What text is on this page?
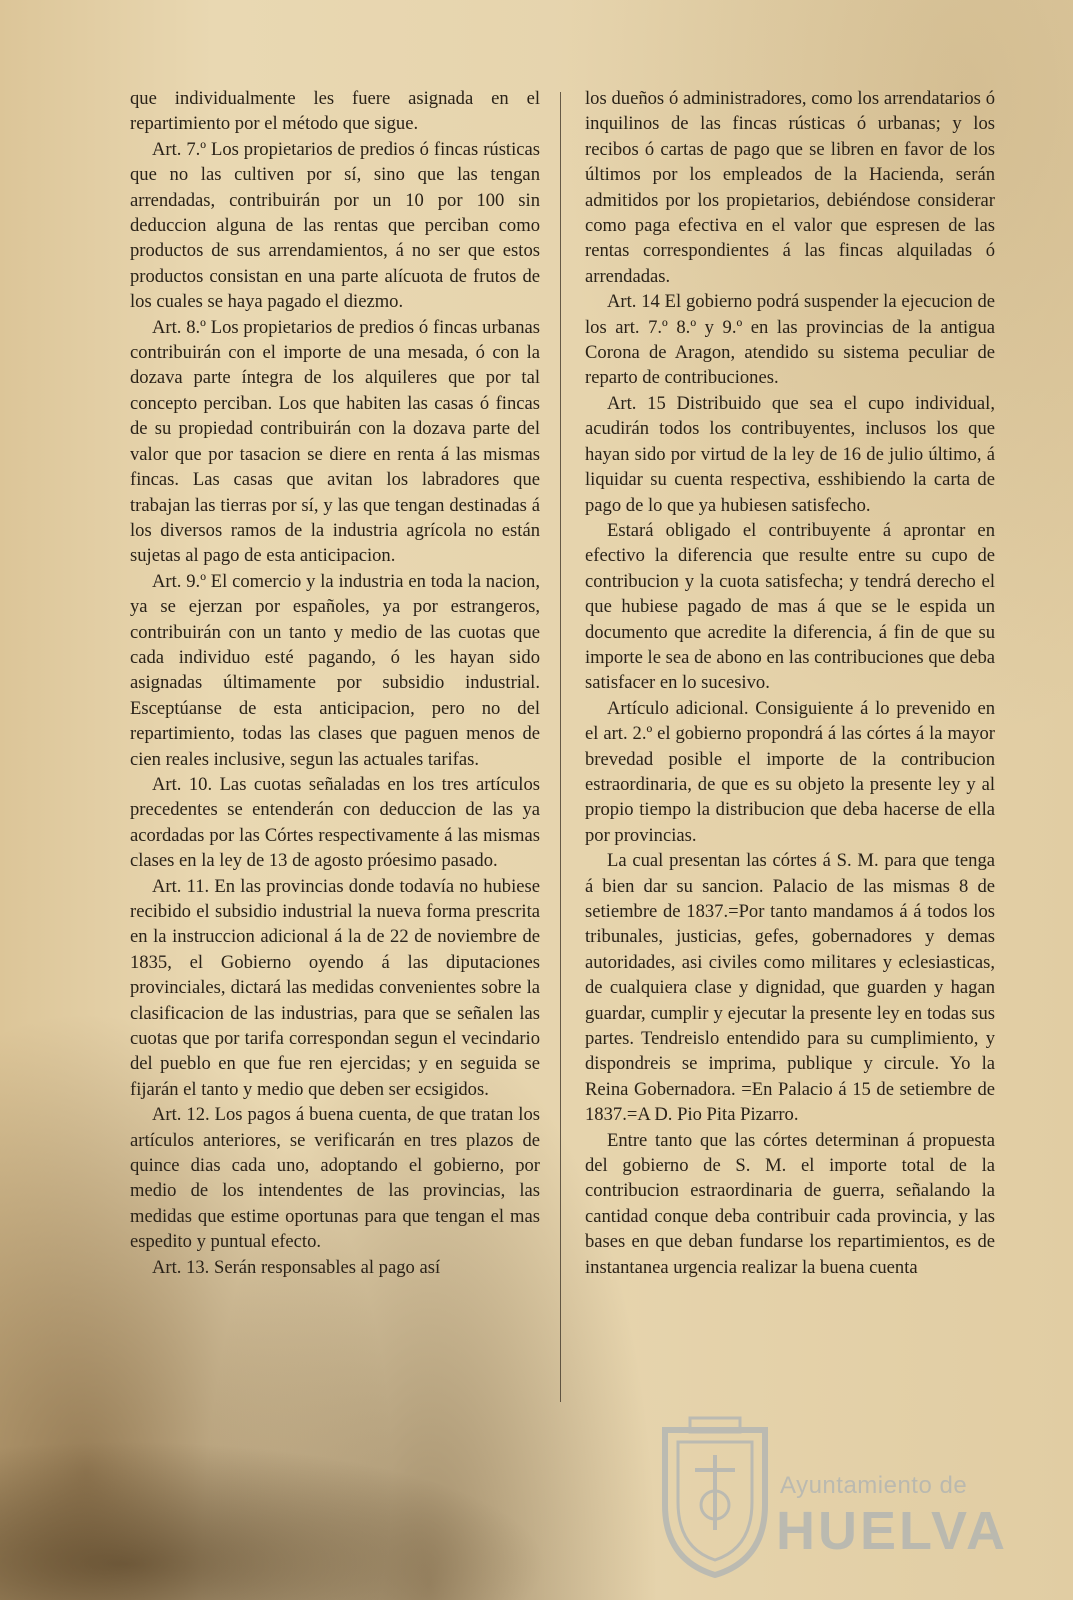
que individualmente les fuere asignada en el repartimiento por el método que sigue.

Art. 7.º Los propietarios de predios ó fincas rústicas que no las cultiven por sí, sino que las tengan arrendadas, contribuirán por un 10 por 100 sin deduccion alguna de las rentas que perciban como productos de sus arrendamientos, á no ser que estos productos consistan en una parte alícuota de frutos de los cuales se haya pagado el diezmo.

Art. 8.º Los propietarios de predios ó fincas urbanas contribuirán con el importe de una mesada, ó con la dozava parte íntegra de los alquileres que por tal concepto perciban. Los que habiten las casas ó fincas de su propiedad contribuirán con la dozava parte del valor que por tasacion se diere en renta á las mismas fincas. Las casas que avitan los labradores que trabajan las tierras por sí, y las que tengan destinadas á los diversos ramos de la industria agrícola no están sujetas al pago de esta anticipacion.

Art. 9.º El comercio y la industria en toda la nacion, ya se ejerzan por españoles, ya por estrangeros, contribuirán con un tanto y medio de las cuotas que cada individuo esté pagando, ó les hayan sido asignadas últimamente por subsidio industrial. Esceptúanse de esta anticipacion, pero no del repartimiento, todas las clases que paguen menos de cien reales inclusive, segun las actuales tarifas.

Art. 10. Las cuotas señaladas en los tres artículos precedentes se entenderán con deduccion de las ya acordadas por las Córtes respectivamente á las mismas clases en la ley de 13 de agosto próesimo pasado.

Art. 11. En las provincias donde todavía no hubiese recibido el subsidio industrial la nueva forma prescrita en la instruccion adicional á la de 22 de noviembre de 1835, el Gobierno oyendo á las diputaciones provinciales, dictará las medidas convenientes sobre la clasificacion de las industrias, para que se señalen las cuotas que por tarifa correspondan segun el vecindario del pueblo en que fue ren ejercidas; y en seguida se fijarán el tanto y medio que deben ser ecsigidos.

Art. 12. Los pagos á buena cuenta, de que tratan los artículos anteriores, se verificarán en tres plazos de quince dias cada uno, adoptando el gobierno, por medio de los intendentes de las provincias, las medidas que estime oportunas para que tengan el mas espedito y puntual efecto.

Art. 13. Serán responsables al pago así

los dueños ó administradores, como los arrendatarios ó inquilinos de las fincas rústicas ó urbanas; y los recibos ó cartas de pago que se libren en favor de los últimos por los empleados de la Hacienda, serán admitidos por los propietarios, debiéndose considerar como paga efectiva en el valor que espresen de las rentas correspondientes á las fincas alquiladas ó arrendadas.

Art. 14 El gobierno podrá suspender la ejecucion de los art. 7.º 8.º y 9.º en las provincias de la antigua Corona de Aragon, atendido su sistema peculiar de reparto de contribuciones.

Art. 15 Distribuido que sea el cupo individual, acudirán todos los contribuyentes, inclusos los que hayan sido por virtud de la ley de 16 de julio último, á liquidar su cuenta respectiva, esshibiendo la carta de pago de lo que ya hubiesen satisfecho.

Estará obligado el contribuyente á aprontar en efectivo la diferencia que resulte entre su cupo de contribucion y la cuota satisfecha; y tendrá derecho el que hubiese pagado de mas á que se le espida un documento que acredite la diferencia, á fin de que su importe le sea de abono en las contribuciones que deba satisfacer en lo sucesivo.

Artículo adicional. Consiguiente á lo prevenido en el art. 2.º el gobierno propondrá á las córtes á la mayor brevedad posible el importe de la contribucion estraordinaria, de que es su objeto la presente ley y al propio tiempo la distribucion que deba hacerse de ella por provincias.

La cual presentan las córtes á S. M. para que tenga á bien dar su sancion. Palacio de las mismas 8 de setiembre de 1837.=Por tanto mandamos á á todos los tribunales, justicias, gefes, gobernadores y demas autoridades, asi civiles como militares y eclesiasticas, de cualquiera clase y dignidad, que guarden y hagan guardar, cumplir y ejecutar la presente ley en todas sus partes. Tendreislo entendido para su cumplimiento, y dispondreis se imprima, publique y circule. Yo la Reina Gobernadora. =En Palacio á 15 de setiembre de 1837.=A D. Pio Pita Pizarro.

Entre tanto que las córtes determinan á propuesta del gobierno de S. M. el importe total de la contribucion estraordinaria de guerra, señalando la cantidad conque deba contribuir cada provincia, y las bases en que deban fundarse los repartimientos, es de instantanea urgencia realizar la buena cuenta

Ayuntamiento de
HUELVA
